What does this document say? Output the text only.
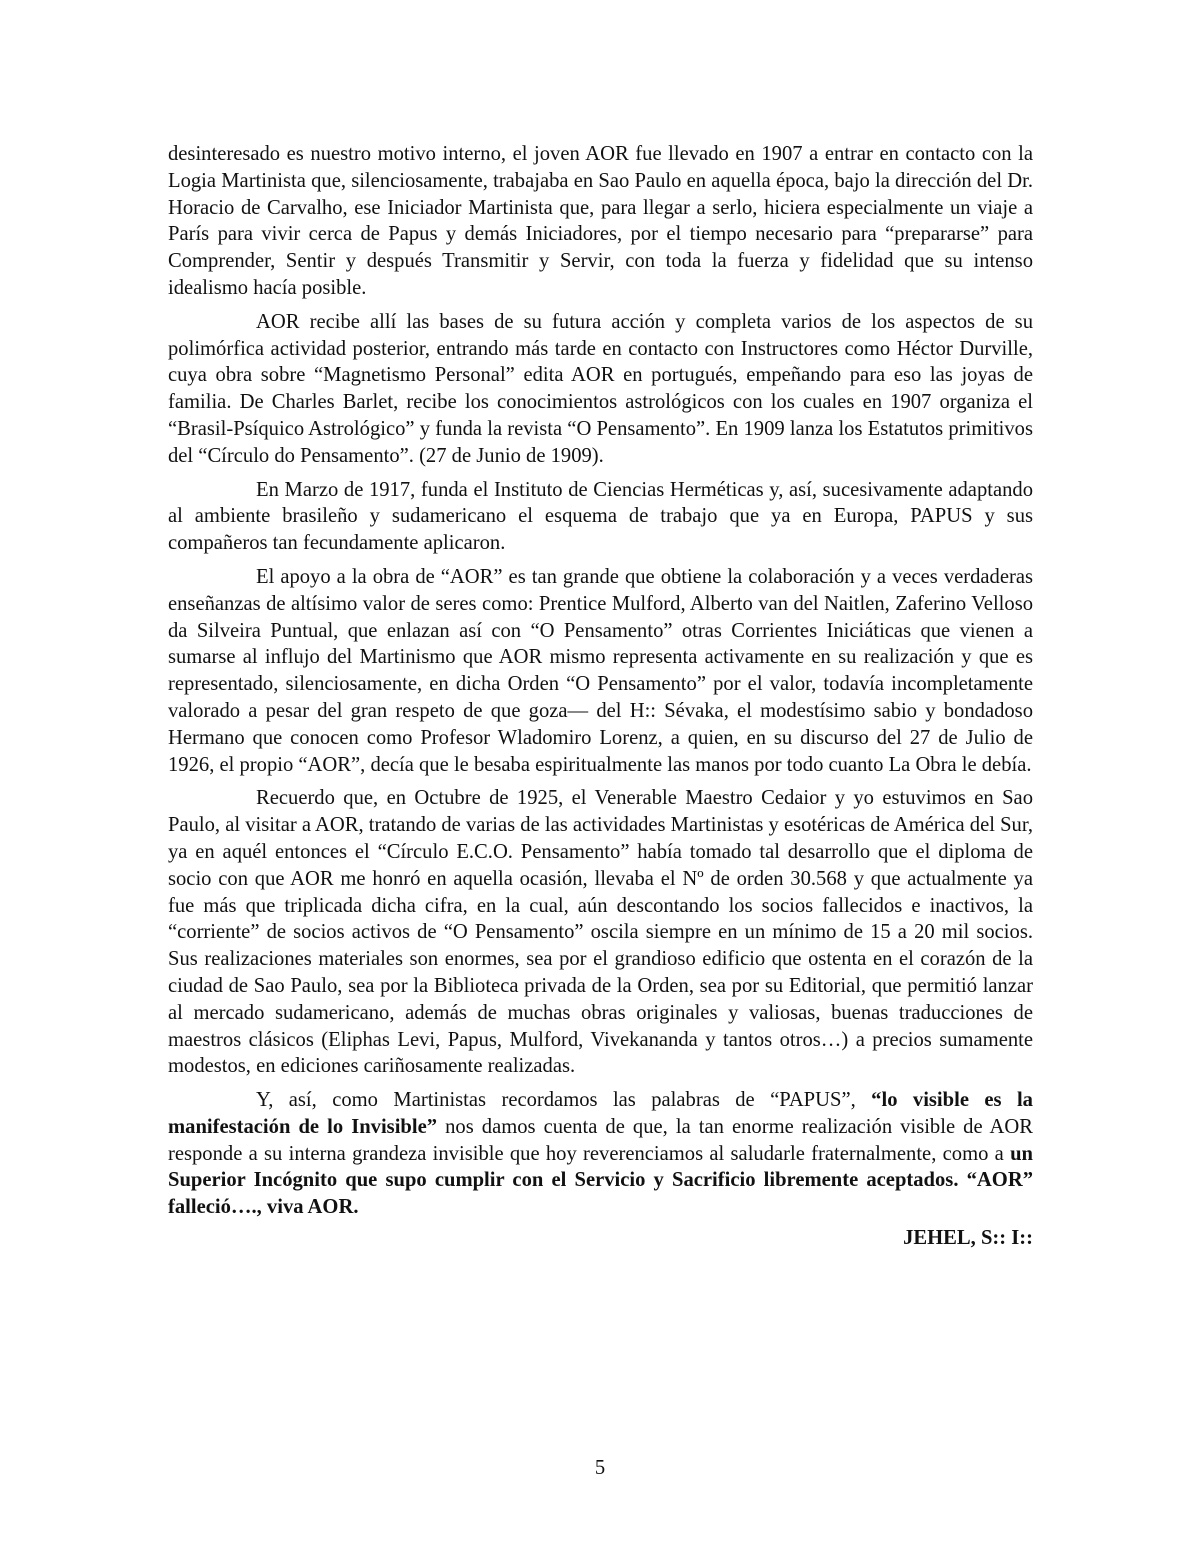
desinteresado es nuestro motivo interno, el joven AOR fue llevado en 1907 a entrar en contacto con la Logia Martinista que, silenciosamente, trabajaba en Sao Paulo en aquella época, bajo la dirección del Dr. Horacio de Carvalho, ese Iniciador Martinista que, para llegar a serlo, hiciera especialmente un viaje a París para vivir cerca de Papus y demás Iniciadores, por el tiempo necesario para “prepararse” para Comprender, Sentir y después Transmitir y Servir, con toda la fuerza y fidelidad que su intenso idealismo hacía posible.

AOR recibe allí las bases de su futura acción y completa varios de los aspectos de su polimórfica actividad posterior, entrando más tarde en contacto con Instructores como Héctor Durville, cuya obra sobre “Magnetismo Personal” edita AOR en portugués, empeñando para eso las joyas de familia. De Charles Barlet, recibe los conocimientos astrológicos con los cuales en 1907 organiza el “Brasil-Psíquico Astrológico” y funda la revista “O Pensamento”. En 1909 lanza los Estatutos primitivos del “Círculo do Pensamento”. (27 de Junio de 1909).

En Marzo de 1917, funda el Instituto de Ciencias Herméticas y, así, sucesivamente adaptando al ambiente brasileño y sudamericano el esquema de trabajo que ya en Europa, PAPUS y sus compañeros tan fecundamente aplicaron.

El apoyo a la obra de “AOR” es tan grande que obtiene la colaboración y a veces verdaderas enseñanzas de altísimo valor de seres como: Prentice Mulford, Alberto van del Naitlen, Zaferino Velloso da Silveira Puntual, que enlazan así con “O Pensamento” otras Corrientes Iniciáticas que vienen a sumarse al influjo del Martinismo que AOR mismo representa activamente en su realización y que es representado, silenciosamente, en dicha Orden “O Pensamento” por el valor, todavía incompletamente valorado a pesar del gran respeto de que goza— del H:: Sévaka, el modestísimo sabio y bondadoso Hermano que conocen como Profesor Wladomiro Lorenz, a quien, en su discurso del 27 de Julio de 1926, el propio “AOR”, decía que le besaba espiritualmente las manos por todo cuanto La Obra le debía.

Recuerdo que, en Octubre de 1925, el Venerable Maestro Cedaior y yo estuvimos en Sao Paulo, al visitar a AOR, tratando de varias de las actividades Martinistas y esotéricas de América del Sur, ya en aquél entonces el “Círculo E.C.O. Pensamento” había tomado tal desarrollo que el diploma de socio con que AOR me honró en aquella ocasión, llevaba el Nº de orden 30.568 y que actualmente ya fue más que triplicada dicha cifra, en la cual, aún descontando los socios fallecidos e inactivos, la “corriente” de socios activos de “O Pensamento” oscila siempre en un mínimo de 15 a 20 mil socios. Sus realizaciones materiales son enormes, sea por el grandioso edificio que ostenta en el corazón de la ciudad de Sao Paulo, sea por la Biblioteca privada de la Orden, sea por su Editorial, que permitió lanzar al mercado sudamericano, además de muchas obras originales y valiosas, buenas traducciones de maestros clásicos (Eliphas Levi, Papus, Mulford, Vivekananda y tantos otros…) a precios sumamente modestos, en ediciones cariñosamente realizadas.

Y, así, como Martinistas recordamos las palabras de “PAPUS”, “lo visible es la manifestación de lo Invisible” nos damos cuenta de que, la tan enorme realización visible de AOR responde a su interna grandeza invisible que hoy reverenciamos al saludarle fraternalmente, como a un Superior Incógnito que supo cumplir con el Servicio y Sacrificio libremente aceptados. “AOR” falleció…., viva AOR.

JEHEL, S:: I::

5
